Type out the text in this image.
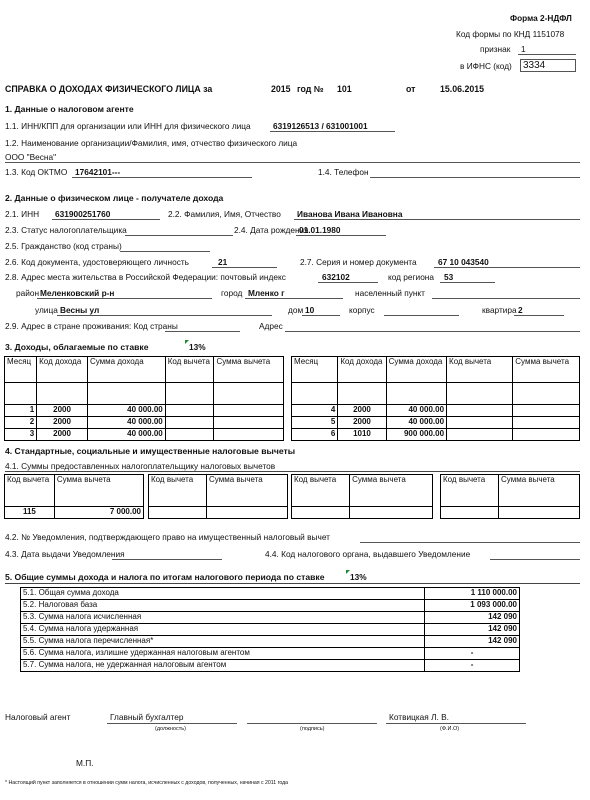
Форма 2-НДФЛ
Код формы по КНД 1151078
признак 1
в ИФНС (код)	3334
СПРАВКА О ДОХОДАХ ФИЗИЧЕСКОГО ЛИЦА за	2015 год № 101	от	15.06.2015
1. Данные о налоговом агенте
1.1. ИНН/КПП для организации или ИНН для физического лица	6319126513 / 631001001
1.2. Наименование организации/Фамилия, имя, отчество физического лица
ООО "Весна"
1.3. Код ОКТМО 17642101---	1.4. Телефон
2. Данные о физическом лице - получателе дохода
2.1. ИНН 631900251760	2.2. Фамилия, Имя, Отчество Иванова Ивана Ивановна
2.3. Статус налогоплательщика	2.4. Дата рождения
01.01.1980
2.5. Гражданство (код страны)
2.6. Код документа, удостоверяющего личность	21	2.7. Серия и номер документа	67 10 043540
2.8. Адрес места жительства в Российской Федерации: почтовый индекс	632102	код региона 53
район Меленковский р-н	город Мленко г	населенный пункт
улица Весны ул	дом 10	корпус	квартира 2
2.9. Адрес в стране проживания: Код страны	Адрес
3. Доходы, облагаемые по ставке	13%
Месяц	Код дохода	Сумма дохода	Код вычета	Сумма вычета

1	2000	40 000.00		
2	2000	40 000.00		
3	2000	40 000.00		
Месяц	Код дохода	Сумма дохода	Код вычета	Сумма вычета

4	2000	40 000.00		
5	2000	40 000.00		
6	1010	900 000.00		
4. Стандартные, социальные и имущественные налоговые вычеты
4.1. Суммы предоставленных налогоплательщику налоговых вычетов
Код вычета	Сумма вычета
115	7 000.00
Код вычета	Сумма вычета
		Код вычета	Сумма вычета
		Код вычета	Сумма вычета

4.2. № Уведомления, подтверждающего право на имущественный налоговый вычет
4.3. Дата выдачи Уведомления	4.4. Код налогового органа, выдавшего Уведомление
5. Общие суммы дохода и налога по итогам налогового периода по ставке	13%
5.1. Общая сумма дохода	1 110 000.00
5.2. Налоговая база	1 093 000.00
5.3. Сумма налога исчисленная	142 090
5.4. Сумма налога удержанная	142 090
5.5. Сумма налога перечисленная*	142 090
5.6. Сумма налога, излишне удержанная налоговым агентом	-
5.7. Сумма налога, не удержанная налоговым агентом	-
Налоговый агент	Главный бухгалтер
(должность)	(подпись)
Котвицкая Л. В.
(Ф.И.О)
М.П.
* Настоящий пункт заполняется в отношении сумм налога, исчисленных с доходов, полученных, начиная с 2011 года
